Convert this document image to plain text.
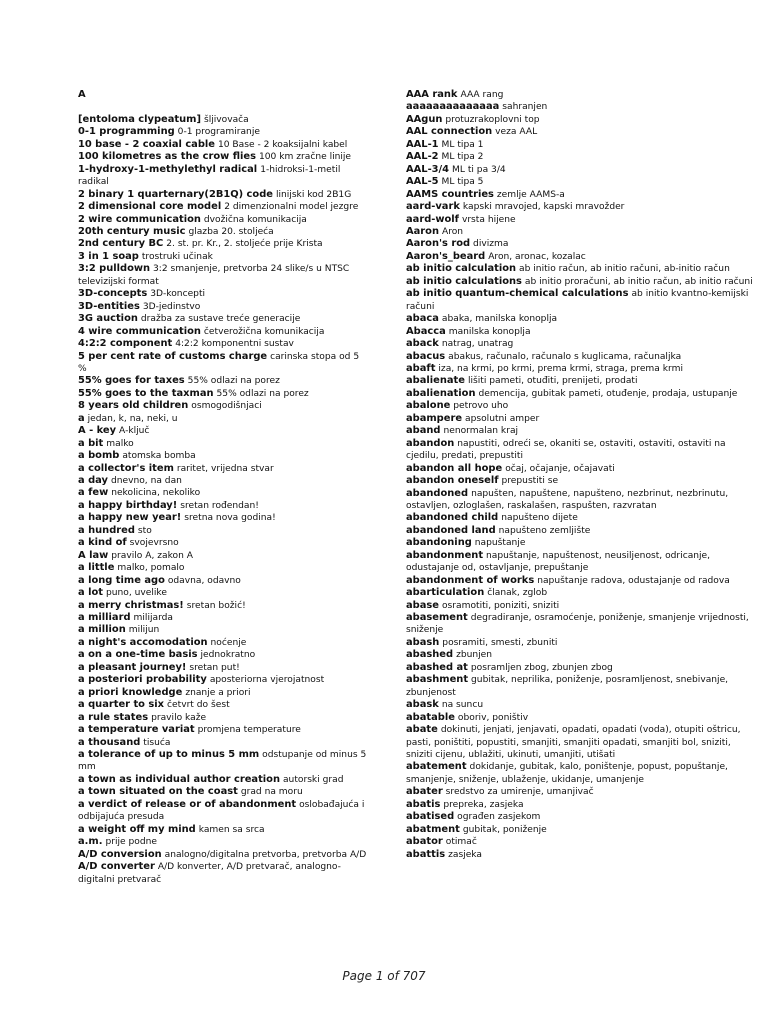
A

[entoloma clypeatum] šljivovača

0-1 programming 0-1 programiranje

10 base - 2 coaxial cable 10 Base - 2 koaksijalni kabel

100 kilometres as the crow flies 100 km zračne linije

1-hydroxy-1-methylethyl radical 1-hidroksi-1-metil radikal

2 binary 1 quarternary(2B1Q) code linijski kod 2B1G

2 dimensional core model 2 dimenzionalni model jezgre

2 wire communication dvožična komunikacija

20th century music glazba 20. stoljeća

2nd century BC 2. st. pr. Kr., 2. stoljeće prije Krista

3 in 1 soap trostruki učinak

3:2 pulldown 3:2 smanjenje, pretvorba 24 slike/s u NTSC televizijski format

3D-concepts 3D-koncepti

3D-entities 3D-jedinstvo

3G auction dražba za sustave treće generacije

4 wire communication četverožična komunikacija

4:2:2 component 4:2:2 komponentni sustav

5 per cent rate of customs charge carinska stopa od 5 %

55% goes for taxes 55% odlazi na porez

55% goes to the taxman 55% odlazi na porez

8 years old children osmogodišnjaci

a jedan, k, na, neki, u

A - key A-ključ

a bit malko

a bomb atomska bomba

a collector's item raritet, vrijedna stvar

a day dnevno, na dan

a few nekolicina, nekoliko

a happy birthday! sretan rođendan!

a happy new year! sretna nova godina!

a hundred sto

a kind of svojevrsno

A law pravilo A, zakon A

a little malko, pomalo

a long time ago odavna, odavno

a lot puno, uvelike

a merry christmas! sretan božić!

a milliard milijarda

a million milijun

a night's accomodation noćenje

a on a one-time basis jednokratno

a pleasant journey! sretan put!

a posteriori probability aposteriorna vjerojatnost

a priori knowledge znanje a priori

a quarter to six četvrt do šest

a rule states pravilo kaže

a temperature variat promjena temperature

a thousand tisuća

a tolerance of up to minus 5 mm odstupanje od minus 5 mm

a town as individual author creation autorski grad

a town situated on the coast grad na moru

a verdict of release or of abandonment oslobađajuća i odbijajuća presuda

a weight off my mind kamen sa srca

a.m. prije podne

A/D conversion analogno/digitalna pretvorba, pretvorba A/D

A/D converter A/D konverter, A/D pretvarač, analogno-digitalni pretvarač

AAA rank AAA rang

aaaaaaaaaaaaaa sahranjen

AAgun protuzrakoplovni top

AAL connection veza AAL

AAL-1 ML tipa 1

AAL-2 ML tipa 2

AAL-3/4 ML ti pa 3/4

AAL-5 ML tipa 5

AAMS countries zemlje AAMS-a

aard-vark kapski mravojed, kapski mravožder

aard-wolf vrsta hijene

Aaron Aron

Aaron's rod divizma

Aaron's_beard Aron, aronac, kozalac

ab initio calculation ab initio račun, ab initio računi, ab-initio račun

ab initio calculations ab initio proračuni, ab initio račun, ab initio računi

ab initio quantum-chemical calculations ab initio kvantno-kemijski računi

abaca abaka, manilska konoplja

Abacca manilska konoplja

aback natrag, unatrag

abacus abakus, računalo, računalo s kuglicama, računaljka

abaft iza, na krmi, po krmi, prema krmi, straga, prema krmi

abalienate lišiti pameti, otuđiti, prenijeti, prodati

abalienation demencija, gubitak pameti, otuđenje, prodaja, ustupanje

abalone petrovo uho

abampere apsolutni amper

aband nenormalan kraj

abandon napustiti, odreći se, okaniti se, ostaviti, ostaviti, ostaviti na cjedilu, predati, prepustiti

abandon all hope očaj, očajanje, očajavati

abandon oneself prepustiti se

abandoned napušten, napuštene, napušteno, nezbrinut, nezbrinutu, ostavljen, ozloglašen, raskalašen, raspušten, razvratan

abandoned child napušteno dijete

abandoned land napušteno zemljište

abandoning napuštanje

abandonment napuštanje, napuštenost, neusiljenost, odricanje, odustajanje od, ostavljanje, prepuštanje

abandonment of works napuštanje radova, odustajanje od radova

abarticulation članak, zglob

abase osramotiti, poniziti, sniziti

abasement degradiranje, osramoćenje, poniženje, smanjenje vrijednosti, sniženje

abash posramiti, smesti, zbuniti

abashed zbunjen

abashed at posramljen zbog, zbunjen zbog

abashment gubitak, neprilika, poniženje, posramljenost, snebivanje, zbunjenost

abask na suncu

abatable oboriv, poništiv

abate dokinuti, jenjati, jenjavati, opadati, opadati (voda), otupiti oštricu, pasti, poništiti, popustiti, smanjiti, smanjiti opadati, smanjiti bol, sniziti, sniziti cijenu, ublažiti, ukinuti, umanjiti, utišati

abatement dokidanje, gubitak, kalo, poništenje, popust, popuštanje, smanjenje, sniženje, ublaženje, ukidanje, umanjenje

abater sredstvo za umirenje, umanjivač

abatis prepreka, zasjeka

abatised ograđen zasjekom

abatment gubitak, poniženje

abator otimač

abattis zasjeka

Page 1 of 707
